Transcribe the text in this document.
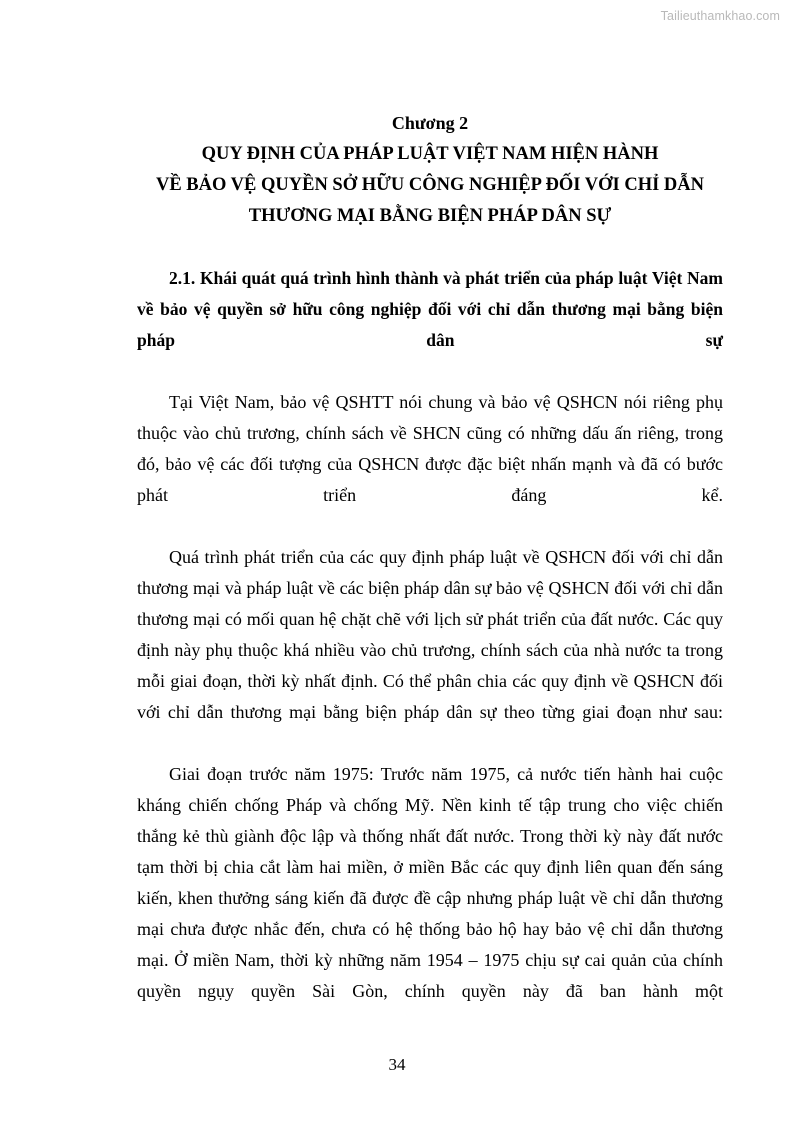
Tailieuthamkhao.com
Chương 2
QUY ĐỊNH CỦA PHÁP LUẬT VIỆT NAM HIỆN HÀNH
VỀ BẢO VỆ QUYỀN SỞ HỮU CÔNG NGHIỆP ĐỐI VỚI CHỈ DẪN
THƯƠNG MẠI BẰNG BIỆN PHÁP DÂN SỰ
2.1. Khái quát quá trình hình thành và phát triển của pháp luật Việt Nam về bảo vệ quyền sở hữu công nghiệp đối với chỉ dẫn thương mại bằng biện pháp dân sự

Tại Việt Nam, bảo vệ QSHTT nói chung và bảo vệ QSHCN nói riêng phụ thuộc vào chủ trương, chính sách về SHCN cũng có những dấu ấn riêng, trong đó, bảo vệ các đối tượng của QSHCN được đặc biệt nhấn mạnh và đã có bước phát triển đáng kể.

Quá trình phát triển của các quy định pháp luật về QSHCN đối với chỉ dẫn thương mại và pháp luật về các biện pháp dân sự bảo vệ QSHCN đối với chỉ dẫn thương mại có mối quan hệ chặt chẽ với lịch sử phát triển của đất nước. Các quy định này phụ thuộc khá nhiều vào chủ trương, chính sách của nhà nước ta trong mỗi giai đoạn, thời kỳ nhất định. Có thể phân chia các quy định về QSHCN đối với chỉ dẫn thương mại bằng biện pháp dân sự theo từng giai đoạn như sau:

Giai đoạn trước năm 1975: Trước năm 1975, cả nước tiến hành hai cuộc kháng chiến chống Pháp và chống Mỹ. Nền kinh tế tập trung cho việc chiến thắng kẻ thù giành độc lập và thống nhất đất nước. Trong thời kỳ này đất nước tạm thời bị chia cắt làm hai miền, ở miền Bắc các quy định liên quan đến sáng kiến, khen thưởng sáng kiến đã được đề cập nhưng pháp luật về chỉ dẫn thương mại chưa được nhắc đến, chưa có hệ thống bảo hộ hay bảo vệ chỉ dẫn thương mại. Ở miền Nam, thời kỳ những năm 1954 – 1975 chịu sự cai quản của chính quyền ngụy quyền Sài Gòn, chính quyền này đã ban hành một

34
